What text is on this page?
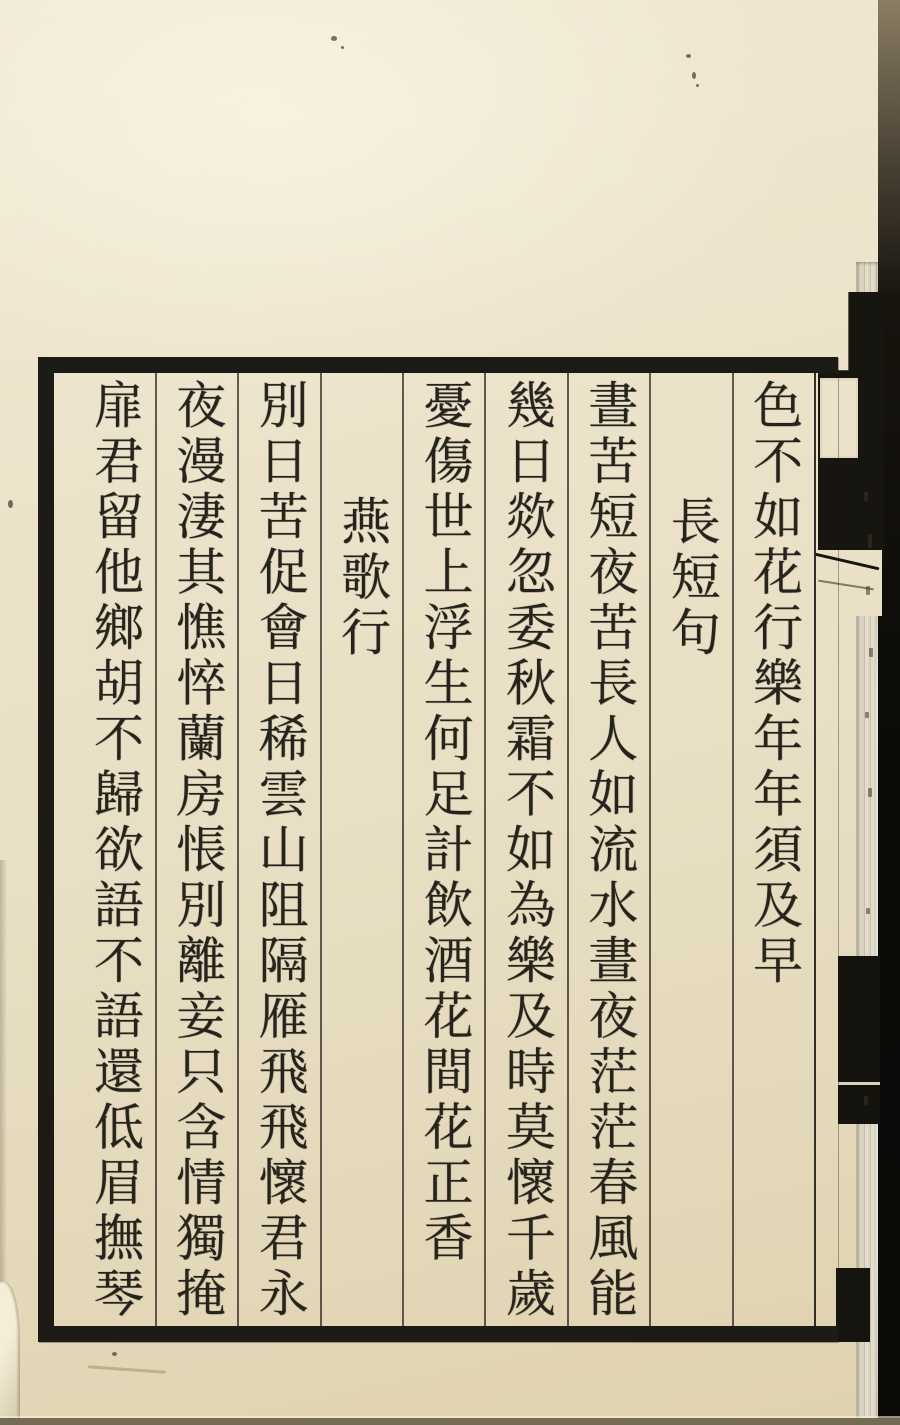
色不如花行樂年年須及早
長短句
晝苦短夜苦長人如流水晝夜茫茫春風能
幾日欻忽委秋霜不如為樂及時莫懷千歲
憂傷世上浮生何足計飲酒花間花正香
燕歌行
別日苦促會日稀雲山阻隔雁飛飛懷君永
夜漫淒其憔悴蘭房悵別離妾只含情獨掩
扉君留他鄉胡不歸欲語不語還低眉撫琴
